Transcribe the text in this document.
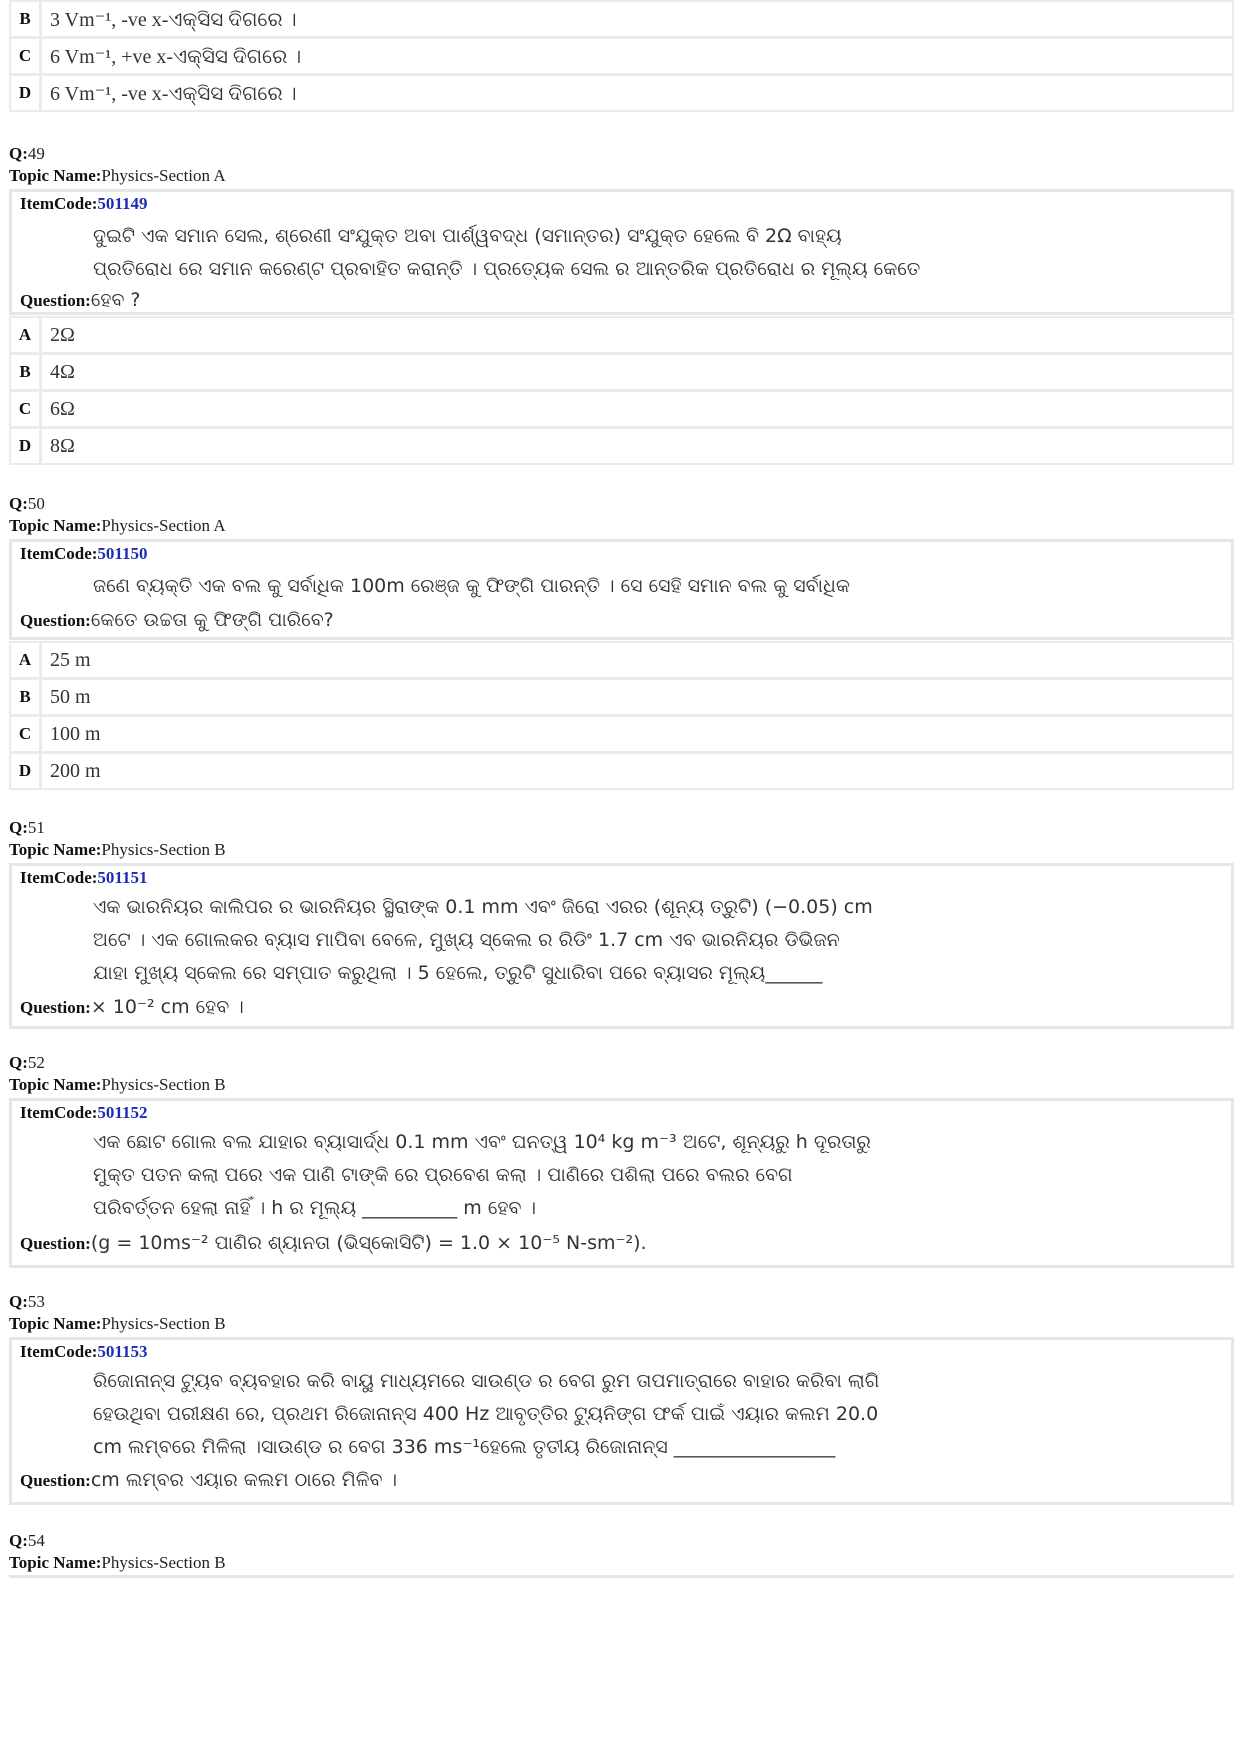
B 3 Vm⁻¹, -ve x-ଏକ୍ସିସ ଦିଗରେ ।
C 6 Vm⁻¹, +ve x-ଏକ୍ସିସ ଦିଗରେ ।
D 6 Vm⁻¹, -ve x-ଏକ୍ସିସ ଦିଗରେ ।
Q:49
Topic Name:Physics-Section A
ItemCode:501149
ଦୁଇଟି ଏକ ସମାନ ସେଲ, ଶ୍ରେଣୀ ସଂଯୁକ୍ତ ଅବା ପାର୍ଶ୍ୱବଦ୍ଧ (ସମାନ୍ତର) ସଂଯୁକ୍ତ ହେଲେ ବି 2Ω ବାହ୍ୟ
ପ୍ରତିରୋଧ ରେ ସମାନ କରେଣ୍ଟ ପ୍ରବାହିତ କରାନ୍ତି । ପ୍ରତ୍ୟେକ ସେଲ ର ଆନ୍ତରିକ ପ୍ରତିରୋଧ ର ମୂଲ୍ୟ କେତେ
Question:ହେବ ?
A 2Ω
B 4Ω
C 6Ω
D 8Ω
Q:50
Topic Name:Physics-Section A
ItemCode:501150
ଜଣେ ବ୍ୟକ୍ତି ଏକ ବଲ କୁ ସର୍ବାଧିକ 100m ରେଞ୍ଜ କୁ ଫିଙ୍ଗି ପାରନ୍ତି । ସେ ସେହି ସମାନ ବଲ କୁ ସର୍ବାଧିକ
Question:କେତେ ଉଚ୍ଚତା କୁ ଫିଙ୍ଗି ପାରିବେ?
A 25 m
B 50 m
C 100 m
D 200 m
Q:51
Topic Name:Physics-Section B
ItemCode:501151
ଏକ ଭାରନିୟର କାଲିପର ର ଭାରନିୟର ସ୍ଥିରାଙ୍କ 0.1 mm ଏବଂ ଜିରୋ ଏରର (ଶୂନ୍ୟ ତ୍ରୁଟି) (−0.05) cm
ଅଟେ । ଏକ ଗୋଲକର ବ୍ୟାସ ମାପିବା ବେଳେ, ମୁଖ୍ୟ ସ୍କେଲ ର ରିଡିଂ 1.7 cm ଏବ ଭାରନିୟର ଡିଭିଜନ
ଯାହା ମୁଖ୍ୟ ସ୍କେଲ ରେ ସମ୍ପାତ କରୁଥିଲା । 5 ହେଲେ, ତ୍ରୁଟି ସୁଧାରିବା ପରେ ବ୍ୟାସର ମୂଲ୍ୟ______
Question:× 10⁻² cm ହେବ ।
Q:52
Topic Name:Physics-Section B
ItemCode:501152
ଏକ ଛୋଟ ଗୋଲ ବଲ ଯାହାର ବ୍ୟାସାର୍ଦ୍ଧ 0.1 mm ଏବଂ ଘନତ୍ୱ 10⁴ kg m⁻³ ଅଟେ, ଶୂନ୍ୟରୁ h ଦୂରତାରୁ
ମୁକ୍ତ ପତନ କଲା ପରେ ଏକ ପାଣି ଟାଙ୍କି ରେ ପ୍ରବେଶ କଲା । ପାଣିରେ ପଶିଲା ପରେ ବଲର ବେଗ
ପରିବର୍ତ୍ତନ ହେଲା ନାହିଁ । h ର ମୂଲ୍ୟ __________ m ହେବ ।
Question:(g = 10ms⁻² ପାଣିର ଶ୍ୟାନତା (ଭିସ୍କୋସିଟି) = 1.0 × 10⁻⁵ N-sm⁻²).
Q:53
Topic Name:Physics-Section B
ItemCode:501153
ରିଜୋନାନ୍ସ ଟ୍ୟୁବ ବ୍ୟବହାର କରି ବାୟୁ ମାଧ୍ୟମରେ ସାଉଣ୍ଡ ର ବେଗ ରୁମ ତାପମାତ୍ରାରେ ବାହାର କରିବା ଲାଗି
ହେଉଥିବା ପରୀକ୍ଷଣ ରେ, ପ୍ରଥମ ରିଜୋନାନ୍ସ 400 Hz ଆବୃତ୍ତିର ଟ୍ୟୁନିଙ୍ଗ ଫର୍କ ପାଇଁ ଏୟାର କଲମ 20.0
cm ଲମ୍ବରେ ମିଳିଲା ।ସାଉଣ୍ଡ ର ବେଗ 336 ms⁻¹ହେଲେ ତୃତୀୟ ରିଜୋନାନ୍ସ _________________
Question:cm ଲମ୍ବର ଏୟାର କଲମ ଠାରେ ମିଳିବ ।
Q:54
Topic Name:Physics-Section B
